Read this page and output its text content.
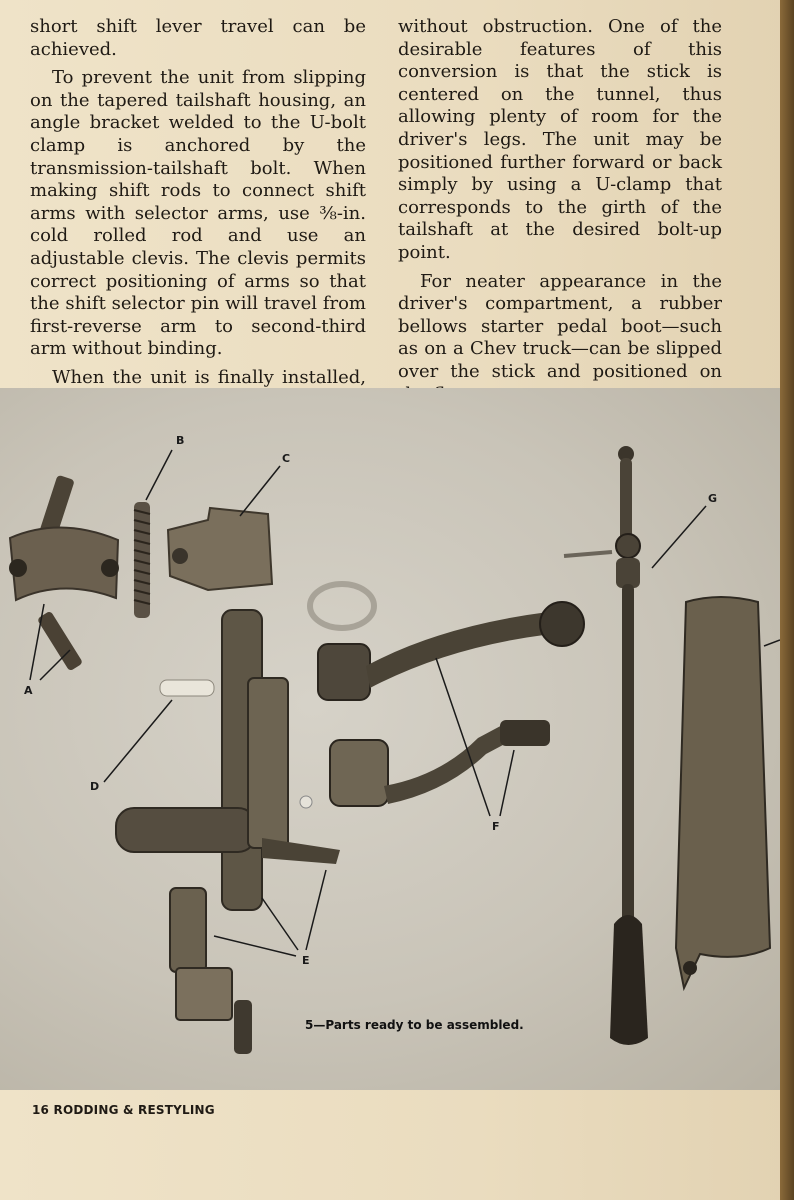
short shift lever travel can be achieved.

To prevent the unit from slipping on the tapered tailshaft housing, an angle bracket welded to the U-bolt clamp is anchored by the transmission-tailshaft bolt. When making shift rods to connect shift arms with selector arms, use ⅜-in. cold rolled rod and use an adjustable clevis. The clevis permits correct positioning of arms so that the shift selector pin will travel from first-reverse arm to second-third arm without binding.

When the unit is finally installed,

without obstruction. One of the desirable features of this conversion is that the stick is centered on the tunnel, thus allowing plenty of room for the driver's legs. The unit may be positioned further forward or back simply by using a U-clamp that corresponds to the girth of the tailshaft at the desired bolt-up point.

For neater appearance in the driver's compartment, a rubber bellows starter pedal boot—such as on a Chev truck—can be slipped over the stick and positioned on

B
C
A
D
F
E
G
5—Parts ready to be assembled.
16 RODDING & RESTYLING
